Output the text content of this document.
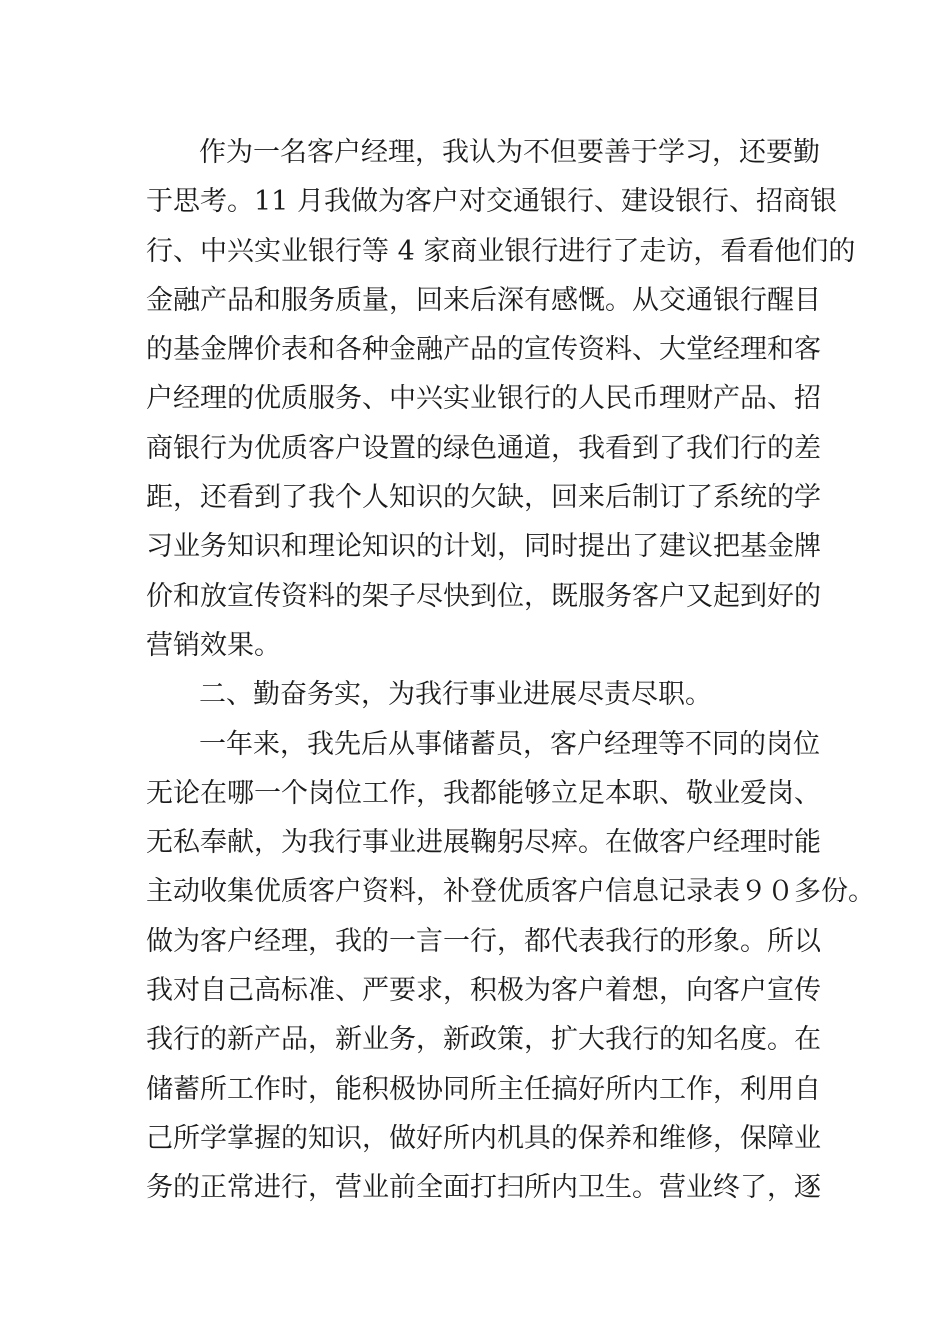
作为一名客户经理，我认为不但要善于学习，还要勤
于思考。11 月我做为客户对交通银行、建设银行、招商银
行、中兴实业银行等 4 家商业银行进行了走访，看看他们的
金融产品和服务质量，回来后深有感慨。从交通银行醒目
的基金牌价表和各种金融产品的宣传资料、大堂经理和客
户经理的优质服务、中兴实业银行的人民币理财产品、招
商银行为优质客户设置的绿色通道，我看到了我们行的差
距，还看到了我个人知识的欠缺，回来后制订了系统的学
习业务知识和理论知识的计划，同时提出了建议把基金牌
价和放宣传资料的架子尽快到位，既服务客户又起到好的
营销效果。
二、勤奋务实，为我行事业进展尽责尽职。
一年来，我先后从事储蓄员，客户经理等不同的岗位
无论在哪一个岗位工作，我都能够立足本职、敬业爱岗、
无私奉献，为我行事业进展鞠躬尽瘁。在做客户经理时能
主动收集优质客户资料，补登优质客户信息记录表９０多份。
做为客户经理，我的一言一行，都代表我行的形象。所以
我对自己高标准、严要求，积极为客户着想，向客户宣传
我行的新产品，新业务，新政策，扩大我行的知名度。在
储蓄所工作时，能积极协同所主任搞好所内工作，利用自
己所学掌握的知识，做好所内机具的保养和维修，保障业
务的正常进行，营业前全面打扫所内卫生。营业终了，逐
